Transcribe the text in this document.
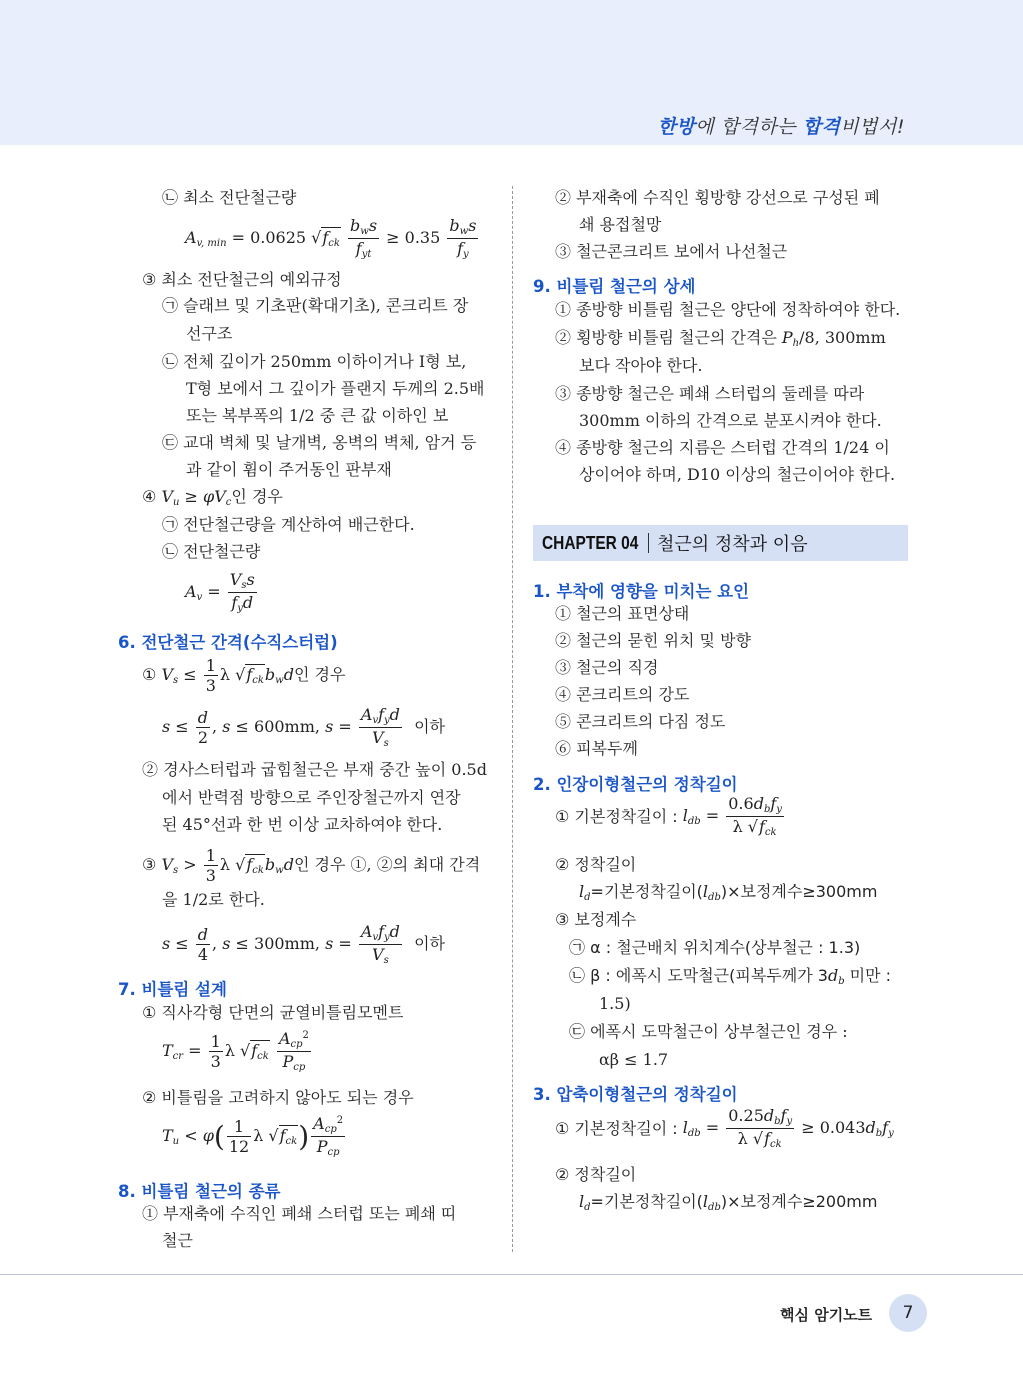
한방에 합격하는 합격비법서!
㉡ 최소 전단철근량
$A_{v, min} = 0.0625$ $√f_{ck} \frac{b_ws}{f_{yt}} \ge 0.35 \frac{b_ws}{f_y}$
③ 최소 전단철근의 예외규정
㉠ 슬래브 및 기초판(확대기초), 콘크리트 장
선구조
㉡ 전체 깊이가 250mm 이하이거나 I형 보,
T형 보에서 그 깊이가 플랜지 두께의 2.5배
또는 복부폭의 1/2 중 큰 값 이하인 보
㉢ 교대 벽체 및 날개벽, 옹벽의 벽체, 암거 등
과 같이 휨이 주거동인 판부재
④ $V_u \ge \varphi V_c$인 경우
㉠ 전단철근량을 계산하여 배근한다.
㉡ 전단철근량
$A_v = \frac{V_ss}{f_yd}$
6. 전단철근 간격(수직스터럽)
① $V_s \le \frac{1}{3}$ λ $√f_{ck}b_wd$인 경우
$s \le \frac{d}{2}$ , s ≤ 600mm, $s = \frac{A_vf_yd}{V_s}$ 이하
② 경사스터럽과 굽힘철근은 부재 중간 높이 0.5d
에서 반력점 방향으로 주인장철근까지 연장
된 45°선과 한 번 이상 교차하여야 한다.
③ $V_s > \frac{1}{3}$ λ $√f_{ck}b_wd$인 경우 ①, ②의 최대 간격
을 1/2로 한다.
$s \le \frac{d}{4}$ , s ≤ 300mm, $s = \frac{A_vf_yd}{V_s}$ 이하
7. 비틀림 설계
① 직사각형 단면의 균열비틀림모멘트
$T_{cr} = \frac{1}{3}$ λ $√f_{ck} \frac{A_{cp}^2}{P_{cp}}$
② 비틀림을 고려하지 않아도 되는 경우
$T_u < \varphi( \frac{1}{12}$ λ $√f_{ck}) \frac{A_{cp}^2}{P_{cp}}$
8. 비틀림 철근의 종류
① 부재축에 수직인 폐쇄 스터럽 또는 폐쇄 띠
철근
② 부재축에 수직인 횡방향 강선으로 구성된 폐
쇄 용접철망
③ 철근콘크리트 보에서 나선철근
9. 비틀림 철근의 상세
① 종방향 비틀림 철근은 양단에 정착하여야 한다.
② 횡방향 비틀림 철근의 간격은 $P_h/8$, 300mm
보다 작아야 한다.
③ 종방향 철근은 폐쇄 스터럽의 둘레를 따라
300mm 이하의 간격으로 분포시켜야 한다.
④ 종방향 철근의 지름은 스터럽 간격의 1/24 이
상이어야 하며, D10 이상의 철근이어야 한다.
CHAPTER 04 철근의 정착과 이음
1. 부착에 영향을 미치는 요인
① 철근의 표면상태
② 철근의 묻힌 위치 및 방향
③ 철근의 직경
④ 콘크리트의 강도
⑤ 콘크리트의 다짐 정도
⑥ 피복두께
2. 인장이형철근의 정착길이
① 기본정착길이 : $l_{db} = \frac{0.6d_bf_y}{\lambda √f_{ck}}$
② 정착길이
$l_d=$기본정착길이$(l_{db})\times$보정계수≥300mm
③ 보정계수
㉠ α : 철근배치 위치계수(상부철근 : 1.3)
㉡ β : 에폭시 도막철근(피복두께가 $3d_b$ 미만 :
1.5)
㉢ 에폭시 도막철근이 상부철근인 경우 :
αβ ≤ 1.7
3. 압축이형철근의 정착길이
① 기본정착길이 : $l_{db} = \frac{0.25d_bf_y}{\lambda √f_{ck}} \ge 0.043d_bf_y$
② 정착길이
$l_d=$기본정착길이$(l_{db})\times$보정계수≥200mm
핵심 암기노트	7
